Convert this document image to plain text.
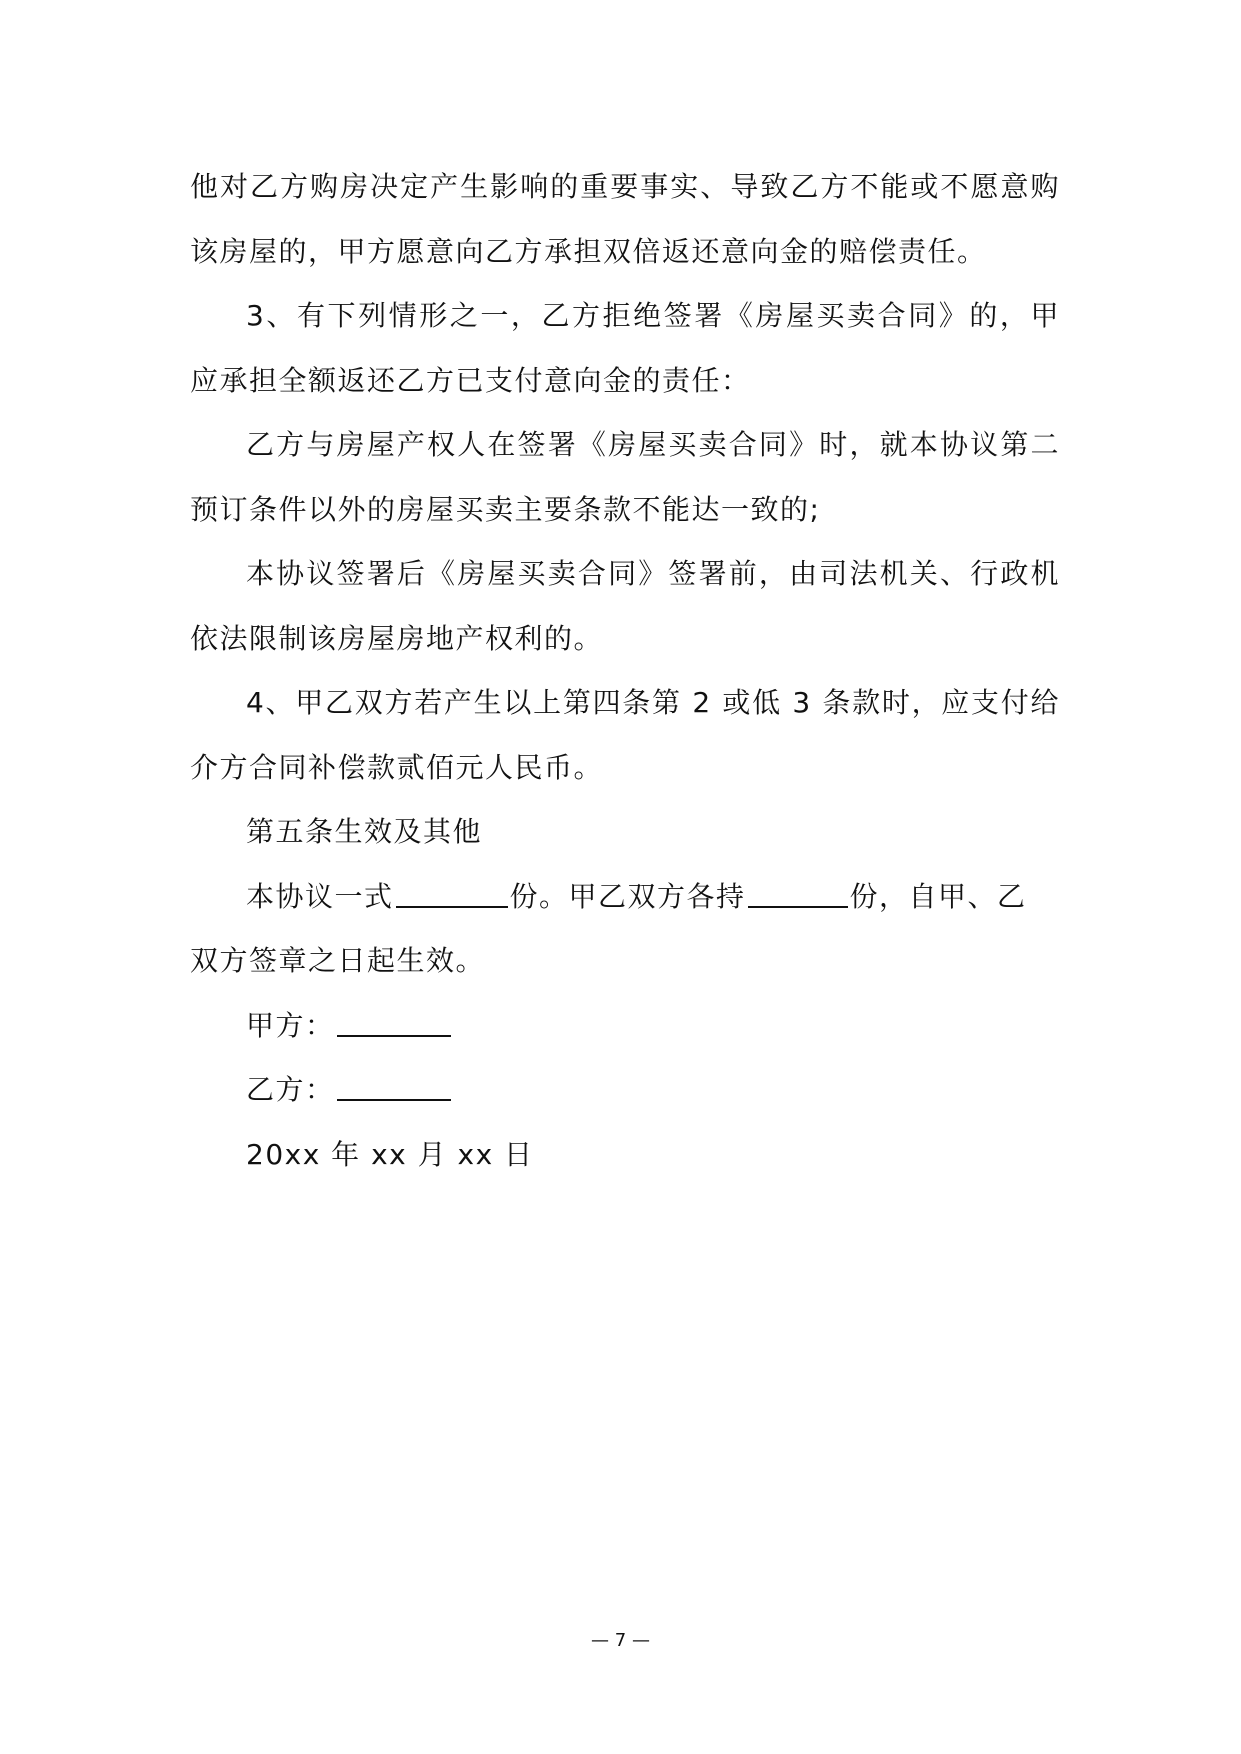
他对乙方购房决定产生影响的重要事实、导致乙方不能或不愿意购
该房屋的，甲方愿意向乙方承担双倍返还意向金的赔偿责任。
3、有下列情形之一，乙方拒绝签署《房屋买卖合同》的，甲
应承担全额返还乙方已支付意向金的责任：
乙方与房屋产权人在签署《房屋买卖合同》时，就本协议第二
预订条件以外的房屋买卖主要条款不能达一致的;
本协议签署后《房屋买卖合同》签署前，由司法机关、行政机
依法限制该房屋房地产权利的。
4、甲乙双方若产生以上第四条第 2 或低 3 条款时，应支付给
介方合同补偿款贰佰元人民币。
第五条生效及其他
本协议一式	份。甲乙双方各持	份，自甲、乙
双方签章之日起生效。
甲方：
乙方：
20xx 年 xx 月 xx 日
— 7 —
